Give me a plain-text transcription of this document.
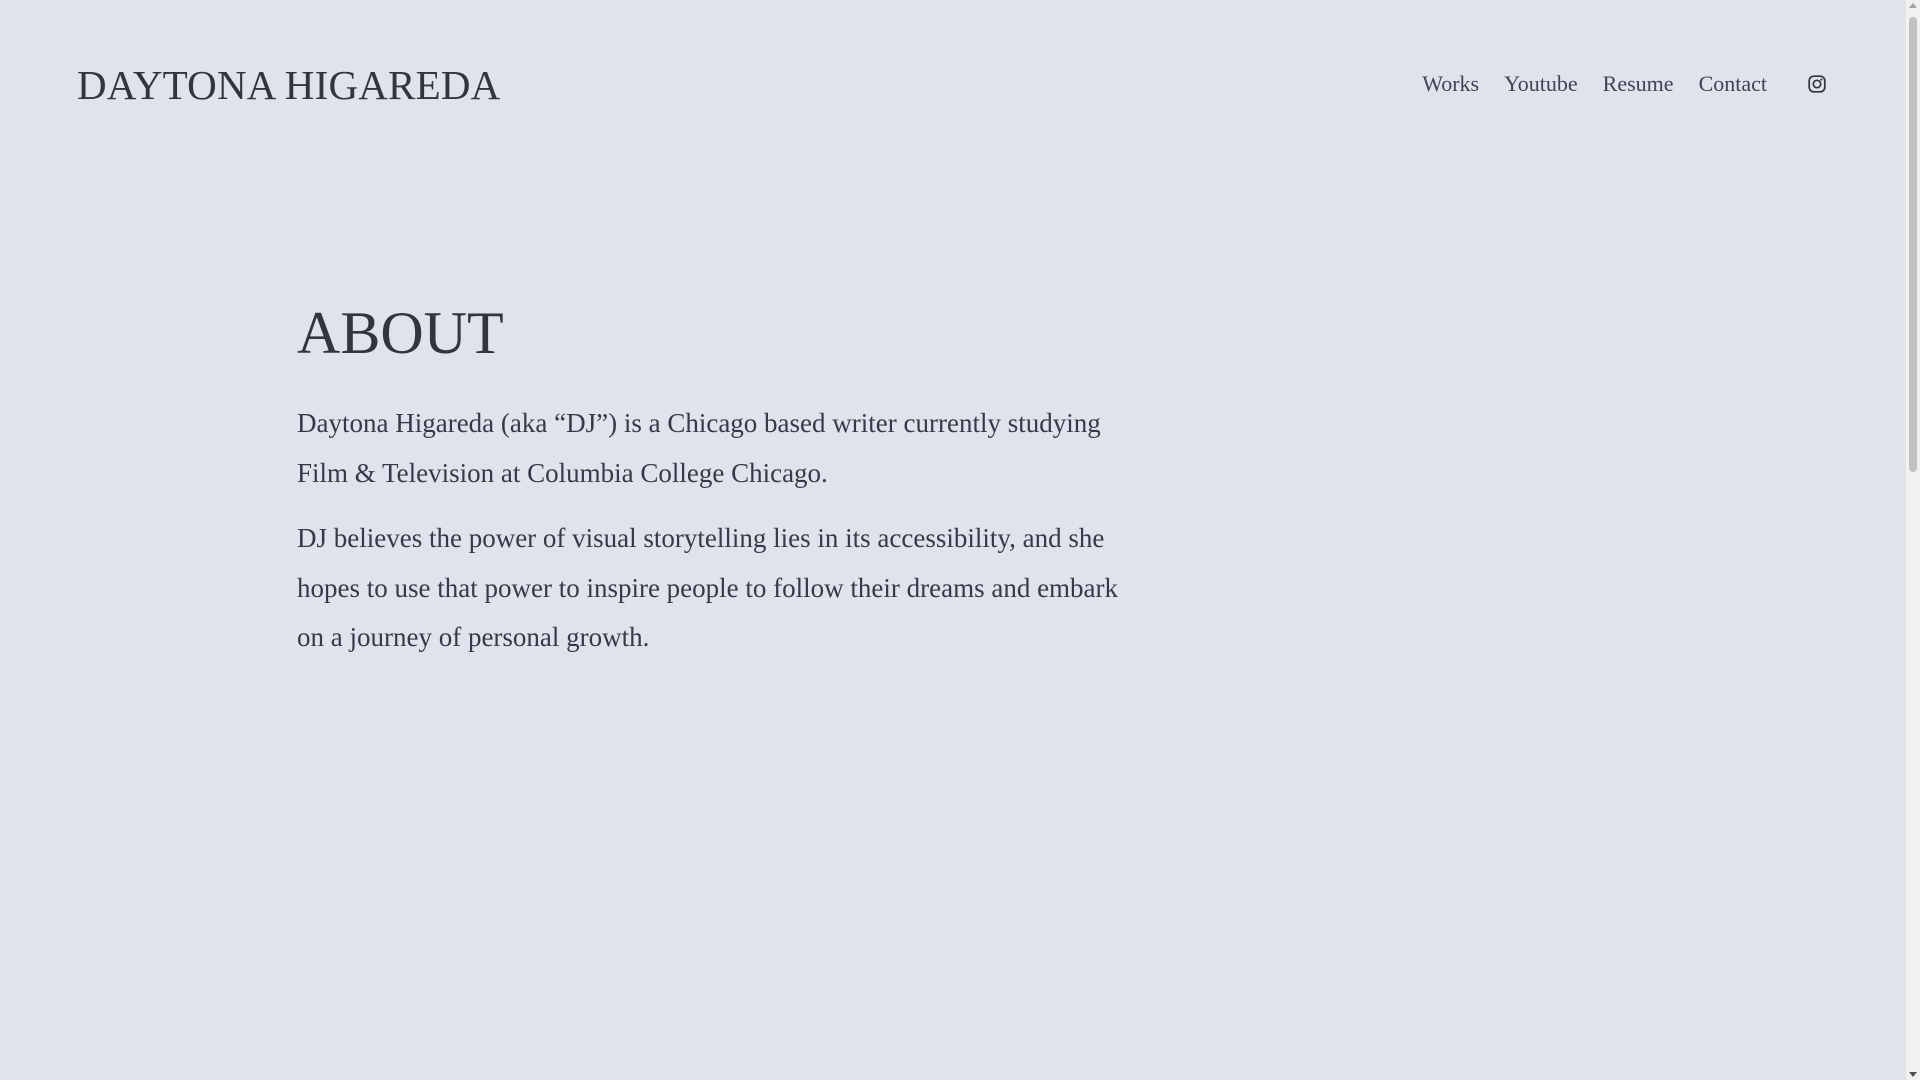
DAYTONA HIGAREDA	Works Youtube Resume Contact
ABOUT

Daytona Higareda (aka “DJ”) is a Chicago based writer currently studying Film & Television at Columbia College Chicago.

DJ believes the power of visual storytelling lies in its accessibility, and she hopes to use that power to inspire people to follow their dreams and embark on a journey of personal growth.
